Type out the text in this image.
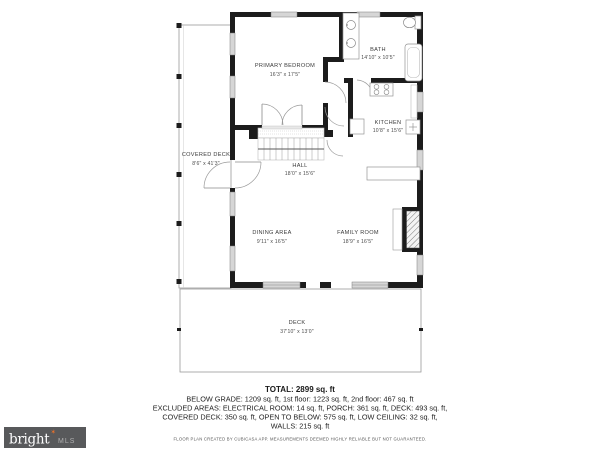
PRIMARY BEDROOM
16'3" x 17'5"
BATH
14'10" x 10'5"
KITCHEN
10'8" x 15'6"
HALL
18'0" x 15'6"
COVERED DECK
8'6" x 41'3"
DINING AREA
9'11" x 16'5"
FAMILY ROOM
18'9" x 16'5"
DECK
37'10" x 13'0"
TOTAL: 2899 sq. ft
BELOW GRADE: 1209 sq. ft, 1st floor: 1223 sq. ft, 2nd floor: 467 sq. ft
EXCLUDED AREAS: ELECTRICAL ROOM: 14 sq. ft, PORCH: 361 sq. ft, DECK: 493 sq. ft,
COVERED DECK: 350 sq. ft, OPEN TO BELOW: 575 sq. ft, LOW CEILING: 32 sq. ft,
WALLS: 215 sq. ft
FLOOR PLAN CREATED BY CUBICASA APP. MEASUREMENTS DEEMED HIGHLY RELIABLE BUT NOT GUARANTEED.
bright ✶
MLS
